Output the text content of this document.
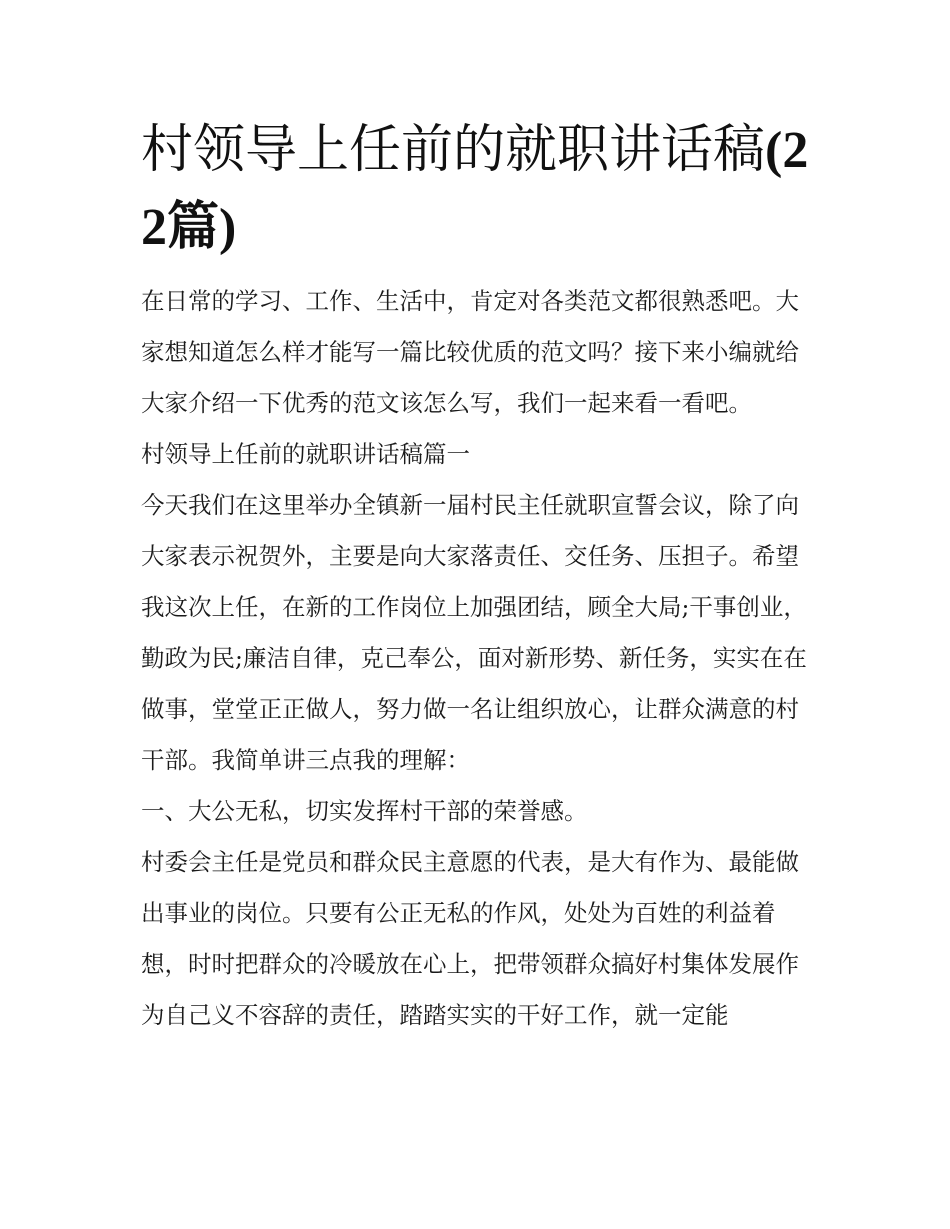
村领导上任前的就职讲话稿(22篇)

在日常的学习、工作、生活中，肯定对各类范文都很熟悉吧。大家想知道怎么样才能写一篇比较优质的范文吗？接下来小编就给大家介绍一下优秀的范文该怎么写，我们一起来看一看吧。

村领导上任前的就职讲话稿篇一

今天我们在这里举办全镇新一届村民主任就职宣誓会议，除了向大家表示祝贺外，主要是向大家落责任、交任务、压担子。希望我这次上任，在新的工作岗位上加强团结，顾全大局;干事创业，勤政为民;廉洁自律，克己奉公，面对新形势、新任务，实实在在做事，堂堂正正做人，努力做一名让组织放心，让群众满意的村干部。我简单讲三点我的理解：

一、大公无私，切实发挥村干部的荣誉感。

村委会主任是党员和群众民主意愿的代表，是大有作为、最能做出事业的岗位。只要有公正无私的作风，处处为百姓的利益着想，时时把群众的冷暖放在心上，把带领群众搞好村集体发展作为自己义不容辞的责任，踏踏实实的干好工作，就一定能
